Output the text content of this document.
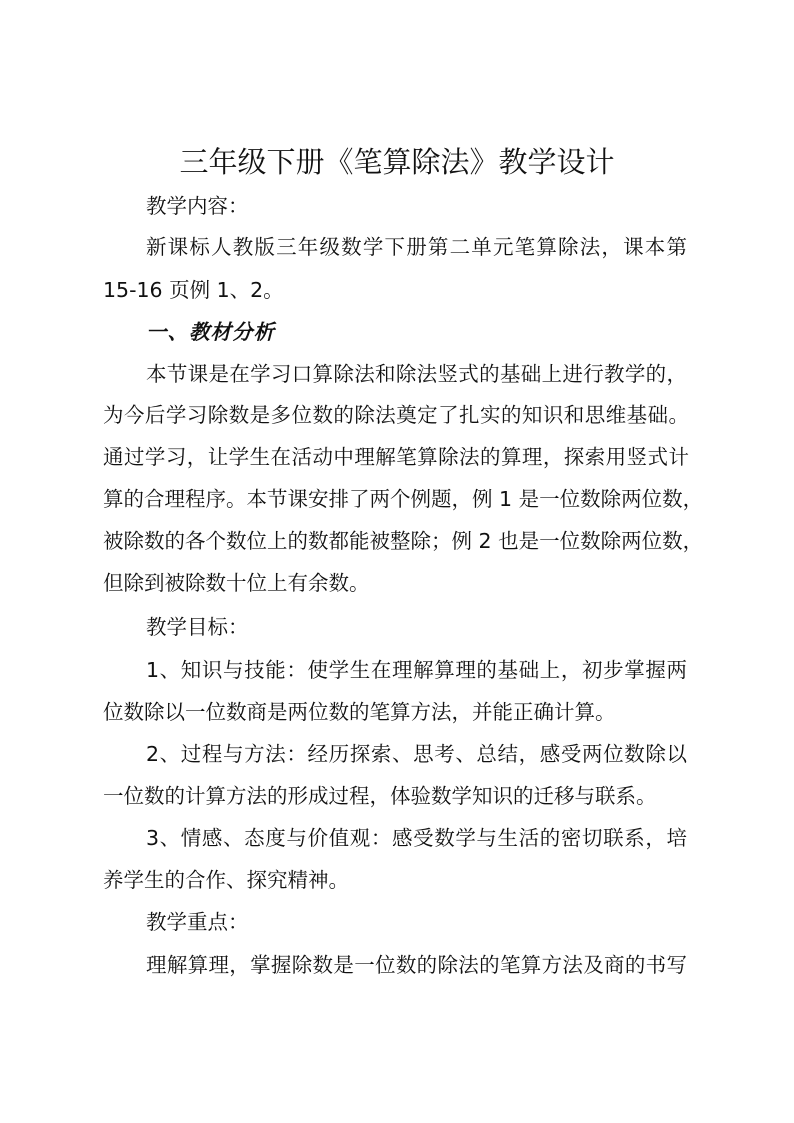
三年级下册《笔算除法》教学设计
教学内容：
新课标人教版三年级数学下册第二单元笔算除法，课本第
15-16 页例 1、2。
一、教材分析
本节课是在学习口算除法和除法竖式的基础上进行教学的，
为今后学习除数是多位数的除法奠定了扎实的知识和思维基础。
通过学习，让学生在活动中理解笔算除法的算理，探索用竖式计
算的合理程序。本节课安排了两个例题，例 1 是一位数除两位数，
被除数的各个数位上的数都能被整除；例 2 也是一位数除两位数，
但除到被除数十位上有余数。
教学目标：
1、知识与技能：使学生在理解算理的基础上，初步掌握两
位数除以一位数商是两位数的笔算方法，并能正确计算。
2、过程与方法：经历探索、思考、总结，感受两位数除以
一位数的计算方法的形成过程，体验数学知识的迁移与联系。
3、情感、态度与价值观：感受数学与生活的密切联系，培
养学生的合作、探究精神。
教学重点：
理解算理，掌握除数是一位数的除法的笔算方法及商的书写
